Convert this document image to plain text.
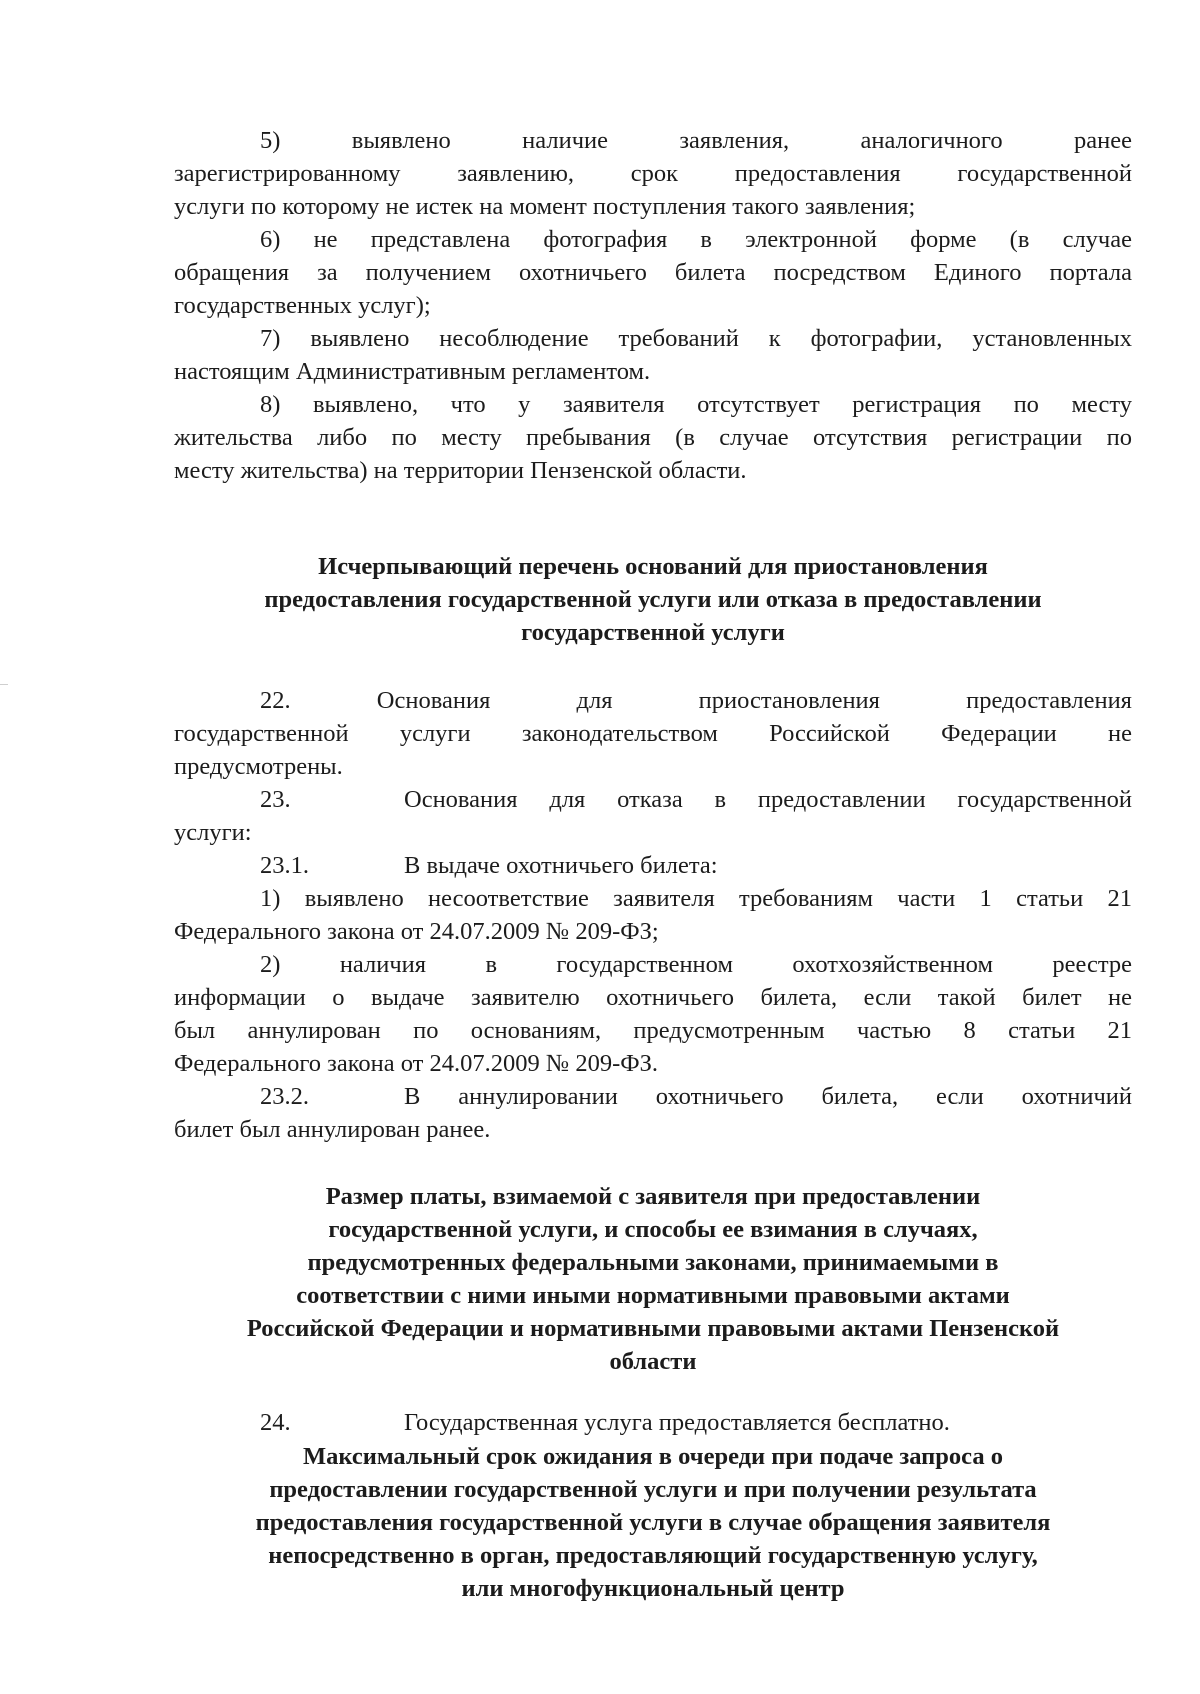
5)	выявлено	наличие	заявления,	аналогичного	ранее

зарегистрированному заявлению, срок предоставления государственной

услуги по которому не истек на момент поступления такого заявления;

6) не представлена фотография в электронной форме (в случае

обращения за получением охотничьего билета посредством Единого портала

государственных услуг);

7) выявлено несоблюдение требований к фотографии, установленных

настоящим Административным регламентом.

8) выявлено, что у заявителя отсутствует регистрация по месту

жительства либо по месту пребывания (в случае отсутствия регистрации по

месту жительства) на территории Пензенской области.

Исчерпывающий перечень оснований для приостановления

предоставления государственной услуги или отказа в предоставлении

государственной услуги

22.	Основания	для	приостановления	предоставления

государственной услуги законодательством Российской Федерации не

предусмотрены.

23.	Основания для отказа в предоставлении государственной

услуги:

23.1.	В выдаче охотничьего билета:

1) выявлено несоответствие заявителя требованиям части 1 статьи 21

Федерального закона от 24.07.2009 № 209-ФЗ;

2) наличия в государственном охотхозяйственном реестре

информации о выдаче заявителю охотничьего билета, если такой билет не

был аннулирован по основаниям, предусмотренным частью 8 статьи 21

Федерального закона от 24.07.2009 № 209-ФЗ.

23.2.	В аннулировании охотничьего билета, если охотничий

билет был аннулирован ранее.

Размер платы, взимаемой с заявителя при предоставлении

государственной услуги, и способы ее взимания в случаях,

предусмотренных федеральными законами, принимаемыми в

соответствии с ними иными нормативными правовыми актами

Российской Федерации и нормативными правовыми актами Пензенской

области

24.	Государственная услуга предоставляется бесплатно.

Максимальный срок ожидания в очереди при подаче запроса о

предоставлении государственной услуги и при получении результата

предоставления государственной услуги в случае обращения заявителя

непосредственно в орган, предоставляющий государственную услугу,

или многофункциональный центр
